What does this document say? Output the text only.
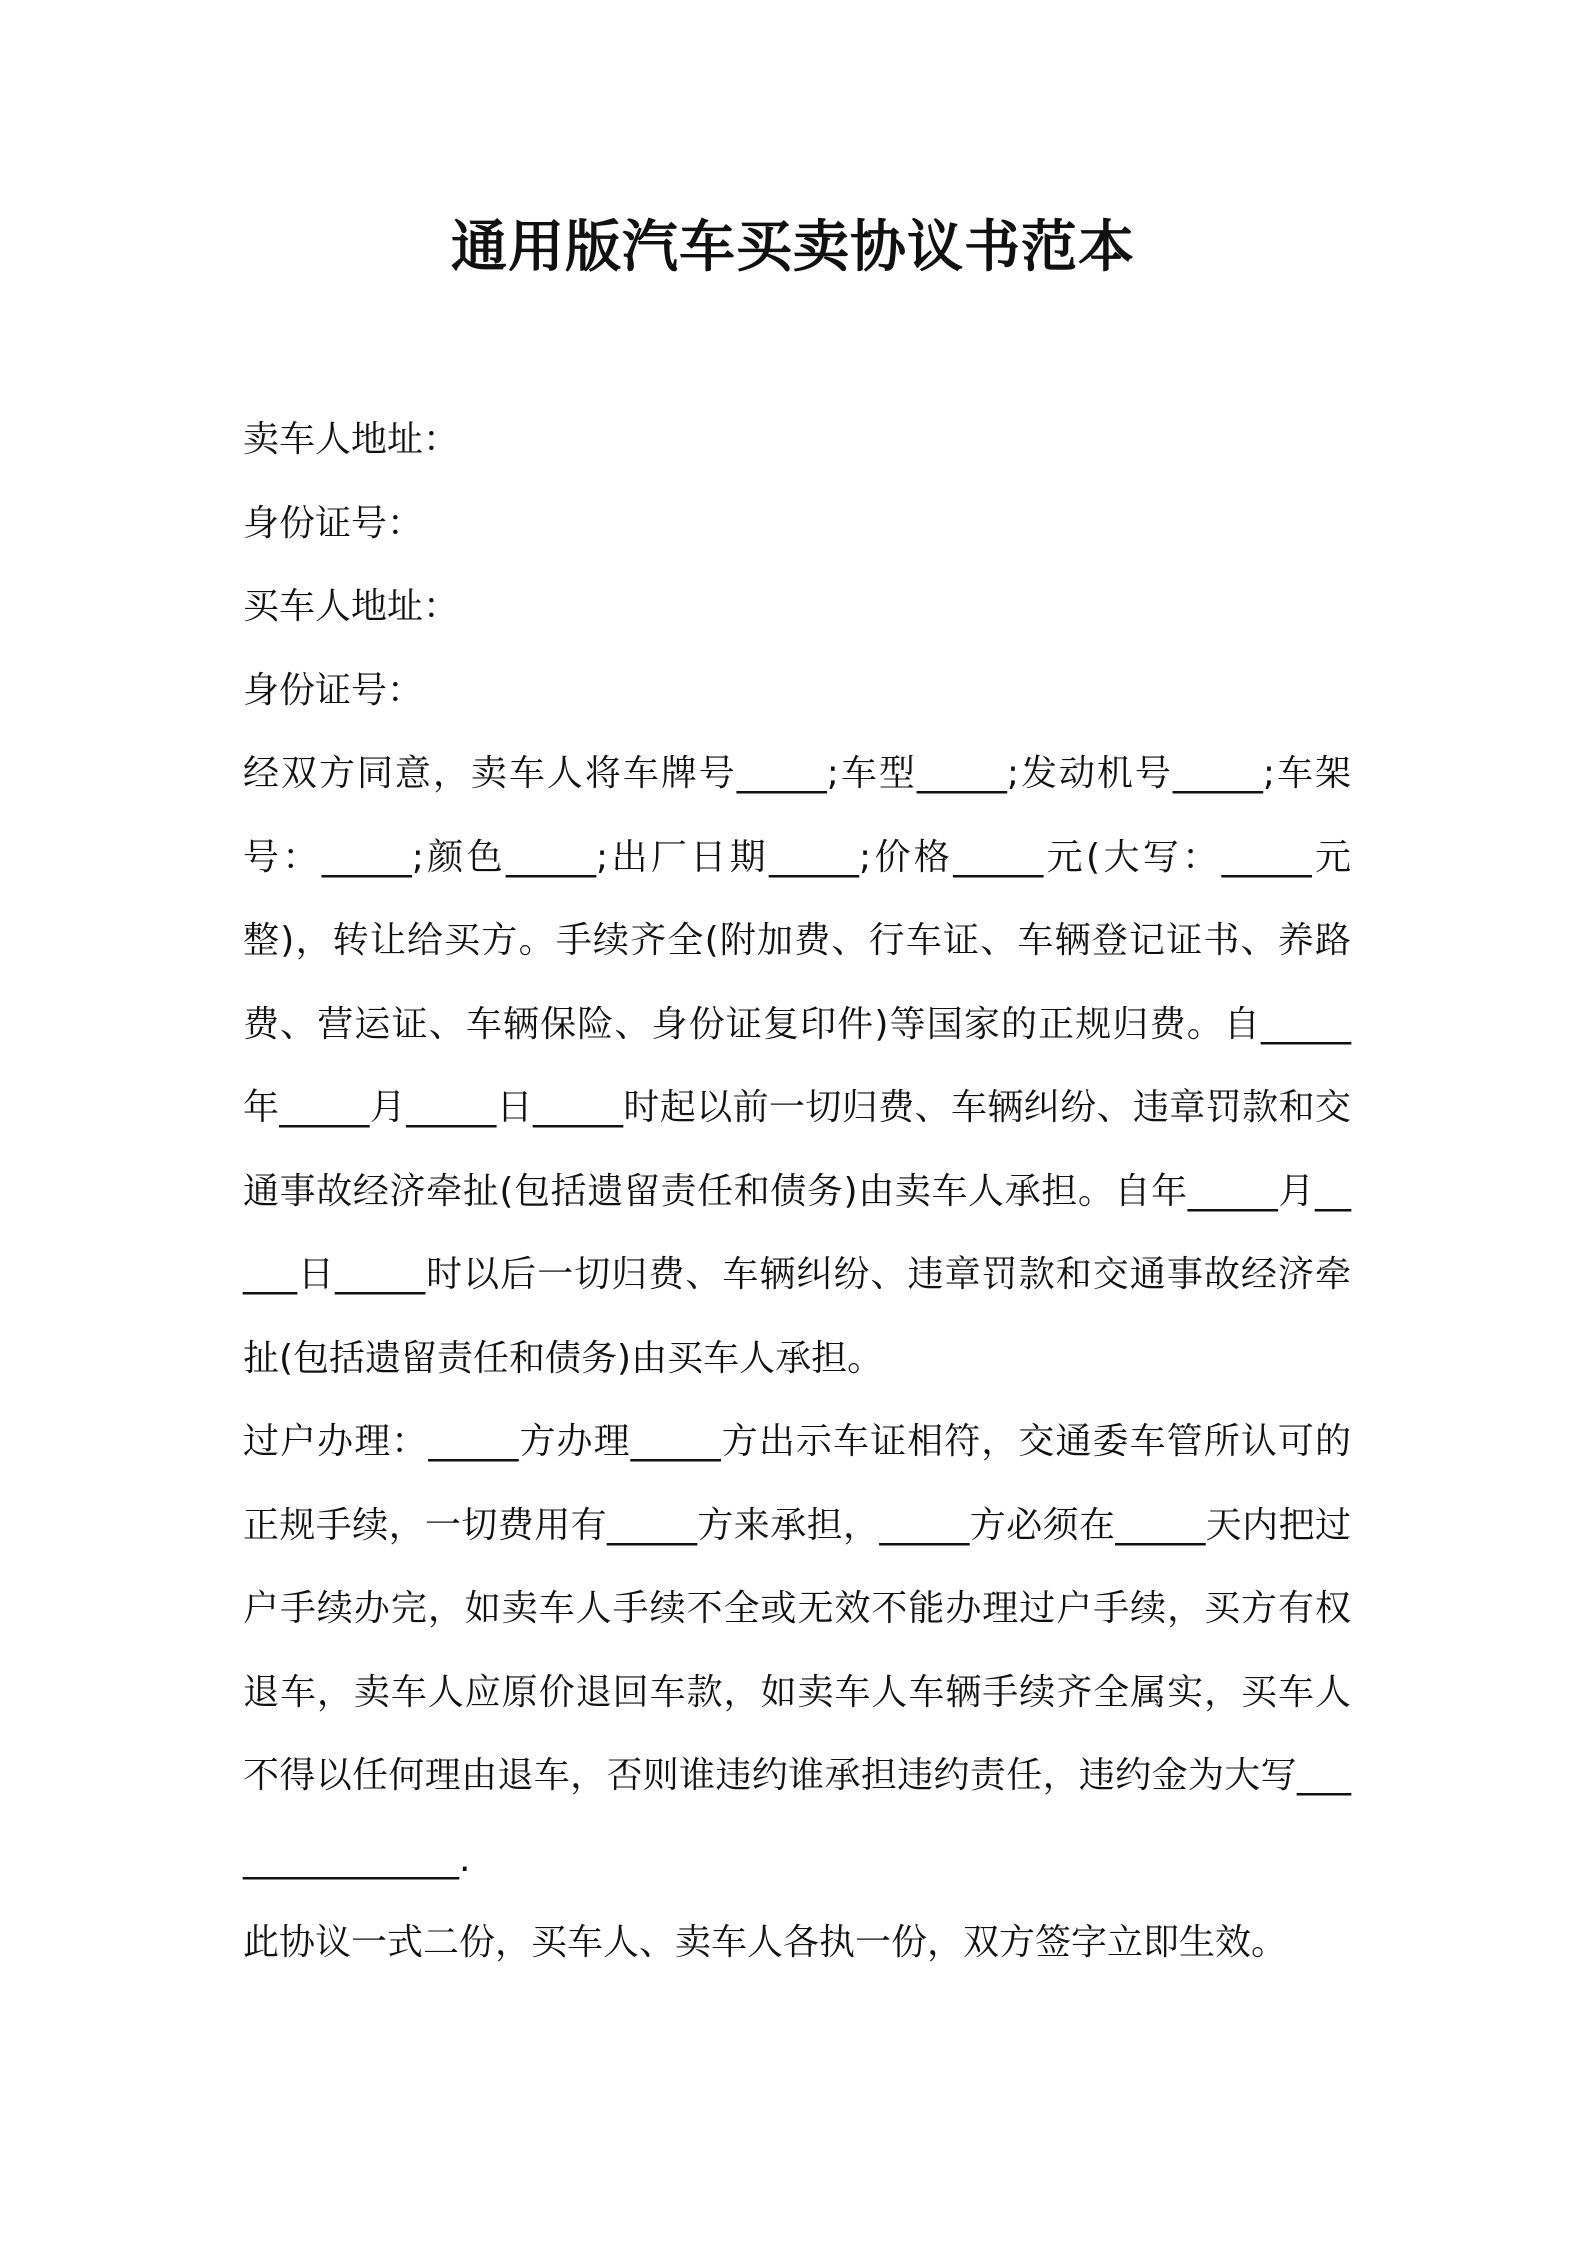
通用版汽车买卖协议书范本

卖车人地址：

身份证号：

买车人地址：

身份证号：

经双方同意，卖车人将车牌号_____;车型_____;发动机号_____;车架号：_____;颜色_____;出厂日期_____;价格_____元(大写：_____元整)，转让给买方。手续齐全(附加费、行车证、车辆登记证书、养路费、营运证、车辆保险、身份证复印件)等国家的正规归费。自_____年_____月_____日_____时起以前一切归费、车辆纠纷、违章罚款和交通事故经济牵扯(包括遗留责任和债务)由卖车人承担。自年_____月_____日_____时以后一切归费、车辆纠纷、违章罚款和交通事故经济牵扯(包括遗留责任和债务)由买车人承担。

过户办理：_____方办理_____方出示车证相符，交通委车管所认可的正规手续，一切费用有_____方来承担，_____方必须在_____天内把过户手续办完，如卖车人手续不全或无效不能办理过户手续，买方有权退车，卖车人应原价退回车款，如卖车人车辆手续齐全属实，买车人不得以任何理由退车，否则谁违约谁承担违约责任，违约金为大写_______________.

此协议一式二份，买车人、卖车人各执一份，双方签字立即生效。
